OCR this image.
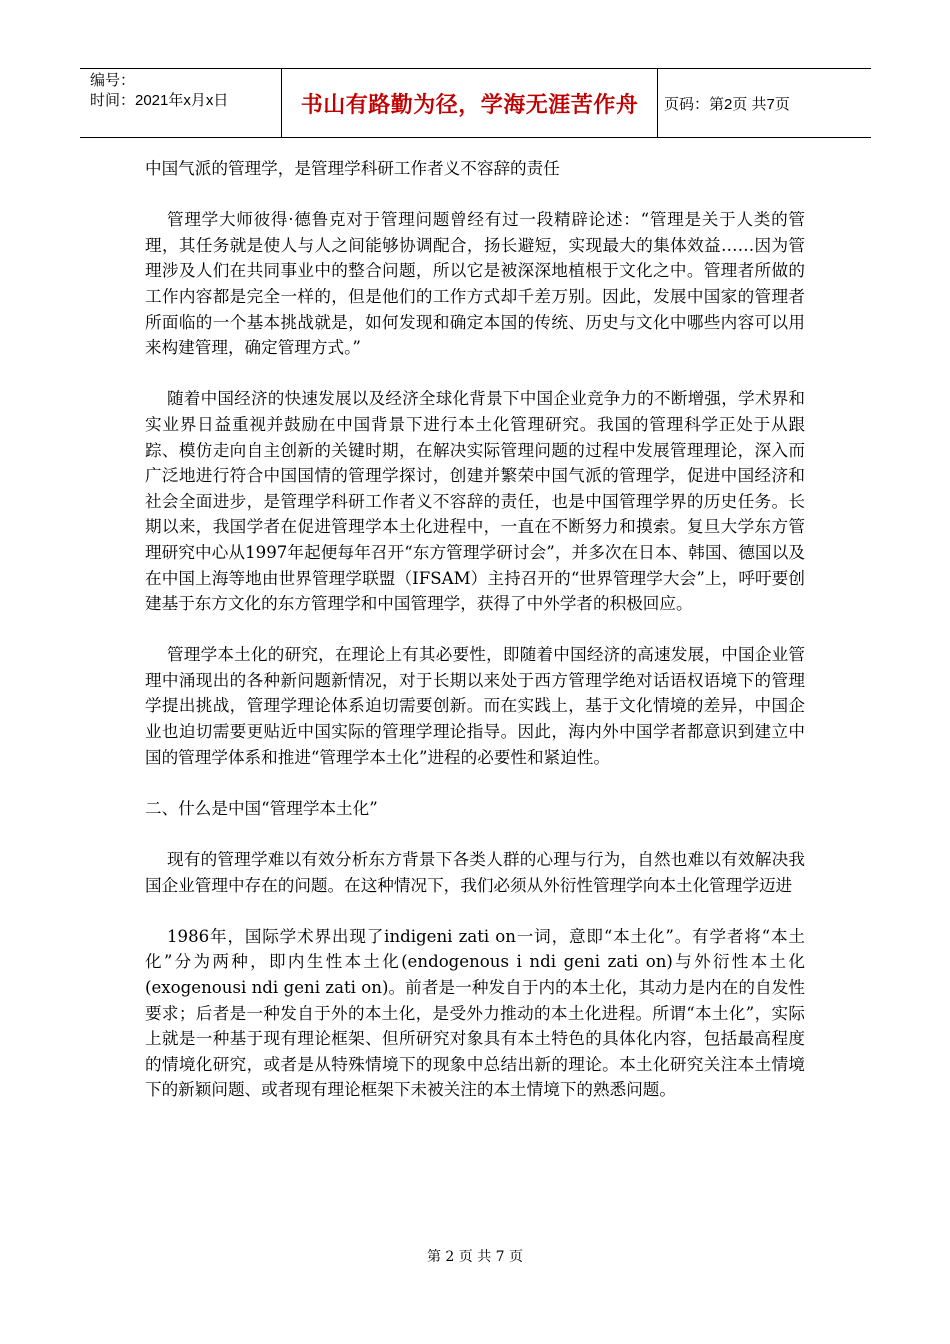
编号：
时间：2021年x月x日	书山有路勤为径，学海无涯苦作舟	页码：第2页 共7页

中国气派的管理学，是管理学科研工作者义不容辞的责任

管理学大师彼得·德鲁克对于管理问题曾经有过一段精辟论述：“管理是关于人类的管理，其任务就是使人与人之间能够协调配合，扬长避短，实现最大的集体效益……因为管理涉及人们在共同事业中的整合问题，所以它是被深深地植根于文化之中。管理者所做的工作内容都是完全一样的，但是他们的工作方式却千差万别。因此，发展中国家的管理者所面临的一个基本挑战就是，如何发现和确定本国的传统、历史与文化中哪些内容可以用来构建管理，确定管理方式。”

随着中国经济的快速发展以及经济全球化背景下中国企业竞争力的不断增强，学术界和实业界日益重视并鼓励在中国背景下进行本土化管理研究。我国的管理科学正处于从跟踪、模仿走向自主创新的关键时期，在解决实际管理问题的过程中发展管理理论，深入而广泛地进行符合中国国情的管理学探讨，创建并繁荣中国气派的管理学，促进中国经济和社会全面进步，是管理学科研工作者义不容辞的责任，也是中国管理学界的历史任务。长期以来，我国学者在促进管理学本土化进程中，一直在不断努力和摸索。复旦大学东方管理研究中心从1997年起便每年召开“东方管理学研讨会”，并多次在日本、韩国、德国以及在中国上海等地由世界管理学联盟（IFSAM）主持召开的“世界管理学大会”上，呼吁要创建基于东方文化的东方管理学和中国管理学，获得了中外学者的积极回应。

管理学本土化的研究，在理论上有其必要性，即随着中国经济的高速发展，中国企业管理中涌现出的各种新问题新情况，对于长期以来处于西方管理学绝对话语权语境下的管理学提出挑战，管理学理论体系迫切需要创新。而在实践上，基于文化情境的差异，中国企业也迫切需要更贴近中国实际的管理学理论指导。因此，海内外中国学者都意识到建立中国的管理学体系和推进“管理学本土化”进程的必要性和紧迫性。

二、什么是中国“管理学本土化”

现有的管理学难以有效分析东方背景下各类人群的心理与行为，自然也难以有效解决我国企业管理中存在的问题。在这种情况下，我们必须从外衍性管理学向本土化管理学迈进

1986年，国际学术界出现了indigeni zati on一词，意即“本土化”。有学者将“本土化”分为两种，即内生性本土化(endogenous i ndi geni zati on)与外衍性本土化(exogenousi ndi geni zati on)。前者是一种发自于内的本土化，其动力是内在的自发性要求；后者是一种发自于外的本土化，是受外力推动的本土化进程。所谓“本土化”，实际上就是一种基于现有理论框架、但所研究对象具有本土特色的具体化内容，包括最高程度的情境化研究，或者是从特殊情境下的现象中总结出新的理论。本土化研究关注本土情境下的新颖问题、或者现有理论框架下未被关注的本土情境下的熟悉问题。

第 2 页 共 7 页
